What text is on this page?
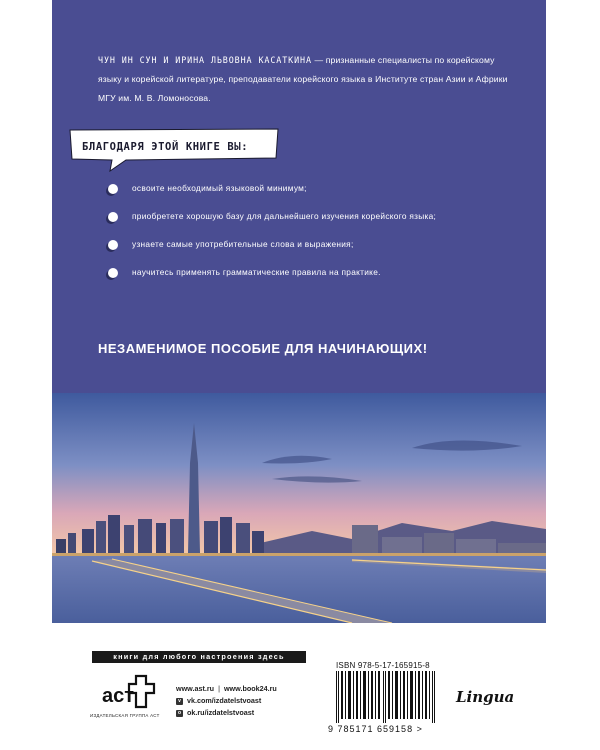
ЧУН ИН СУН И ИРИНА ЛЬВОВНА КАСАТКИНА — признанные специалисты по корейскому языку и корейской литературе, преподаватели корейского языка в Институте стран Азии и Африки МГУ им. М. В. Ломоносова.
БЛАГОДАРЯ ЭТОЙ КНИГЕ ВЫ:
освоите необходимый языковой минимум;
приобретете хорошую базу для дальнейшего изучения корейского языка;
узнаете самые употребительные слова и выражения;
научитесь применять грамматические правила на практике.
НЕЗАМЕНИМОЕ ПОСОБИЕ ДЛЯ НАЧИНАЮЩИХ!
книги для любого настроения здесь
аст
ИЗДАТЕЛЬСКАЯ ГРУППА АСТ
www.ast.ru | www.book24.ru
v vk.com/izdatelstvoast
o ok.ru/izdatelstvoast
ISBN 978-5-17-165915-8
9 785171 659158 >
Lingua
